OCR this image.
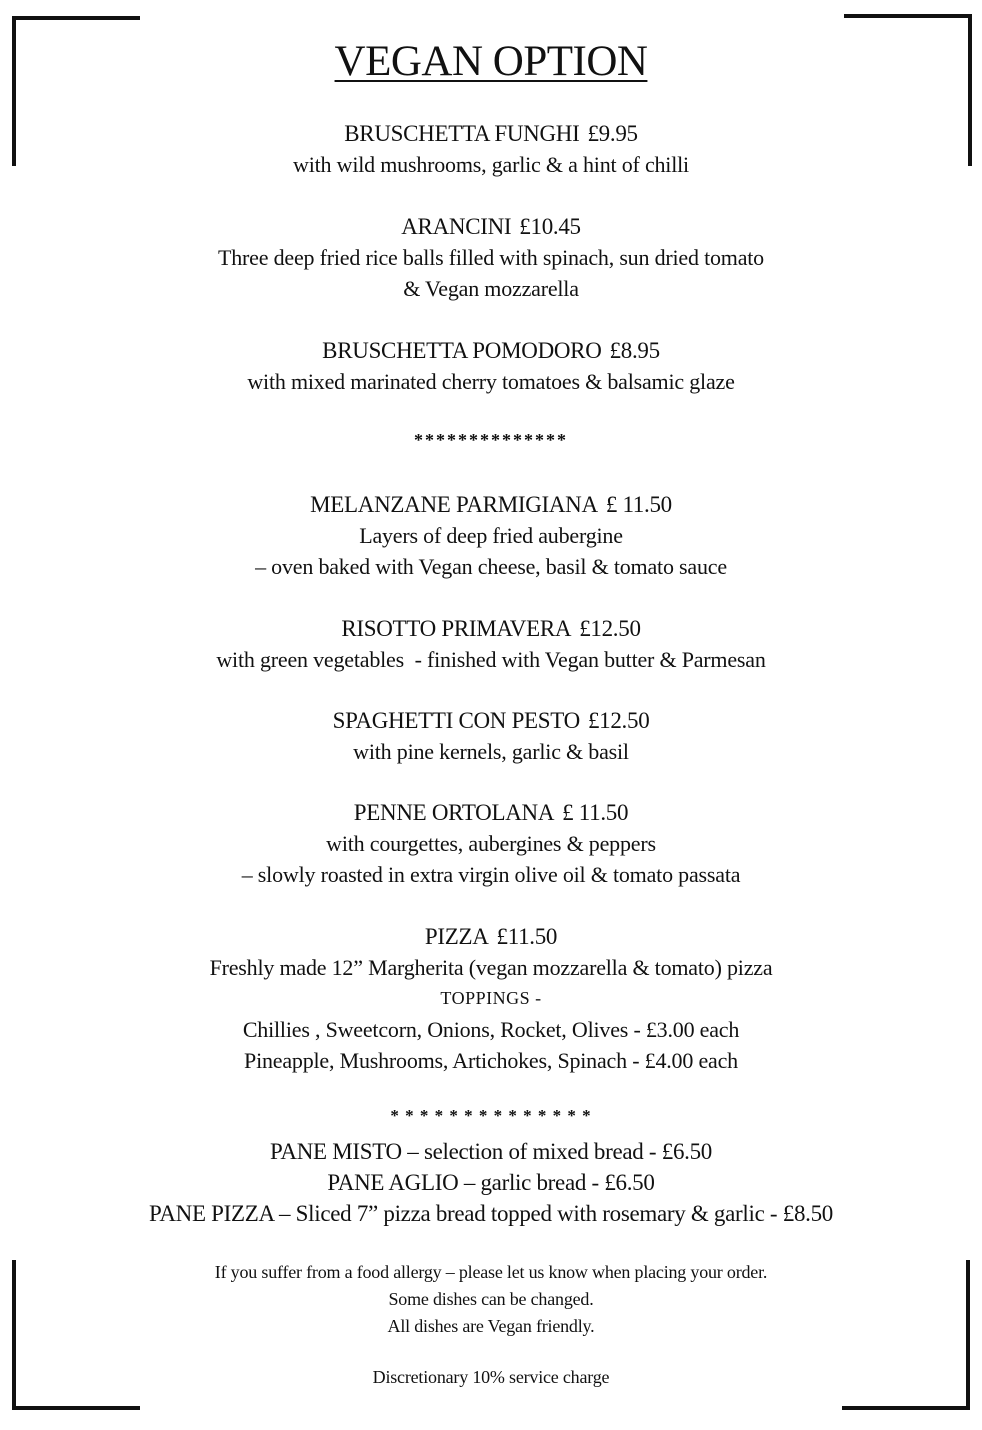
VEGAN OPTION
BRUSCHETTA FUNGHI £9.95
with wild mushrooms, garlic & a hint of chilli
ARANCINI £10.45
Three deep fried rice balls filled with spinach, sun dried tomato
& Vegan mozzarella
BRUSCHETTA POMODORO £8.95
with mixed marinated cherry tomatoes & balsamic glaze
**************
MELANZANE PARMIGIANA £ 11.50
Layers of deep fried aubergine
– oven baked with Vegan cheese, basil & tomato sauce
RISOTTO PRIMAVERA £12.50
with green vegetables  - finished with Vegan butter & Parmesan
SPAGHETTI CON PESTO £12.50
with pine kernels, garlic & basil
PENNE ORTOLANA £ 11.50
with courgettes, aubergines & peppers
– slowly roasted in extra virgin olive oil & tomato passata
PIZZA £11.50
Freshly made 12” Margherita (vegan mozzarella & tomato) pizza
TOPPINGS -
Chillies , Sweetcorn, Onions, Rocket, Olives - £3.00 each
Pineapple, Mushrooms, Artichokes, Spinach - £4.00 each
* * * * * * * * * * * * * *
PANE MISTO – selection of mixed bread - £6.50
PANE AGLIO – garlic bread - £6.50
PANE PIZZA – Sliced 7” pizza bread topped with rosemary & garlic - £8.50
If you suffer from a food allergy – please let us know when placing your order.
Some dishes can be changed.
All dishes are Vegan friendly.
Discretionary 10% service charge
